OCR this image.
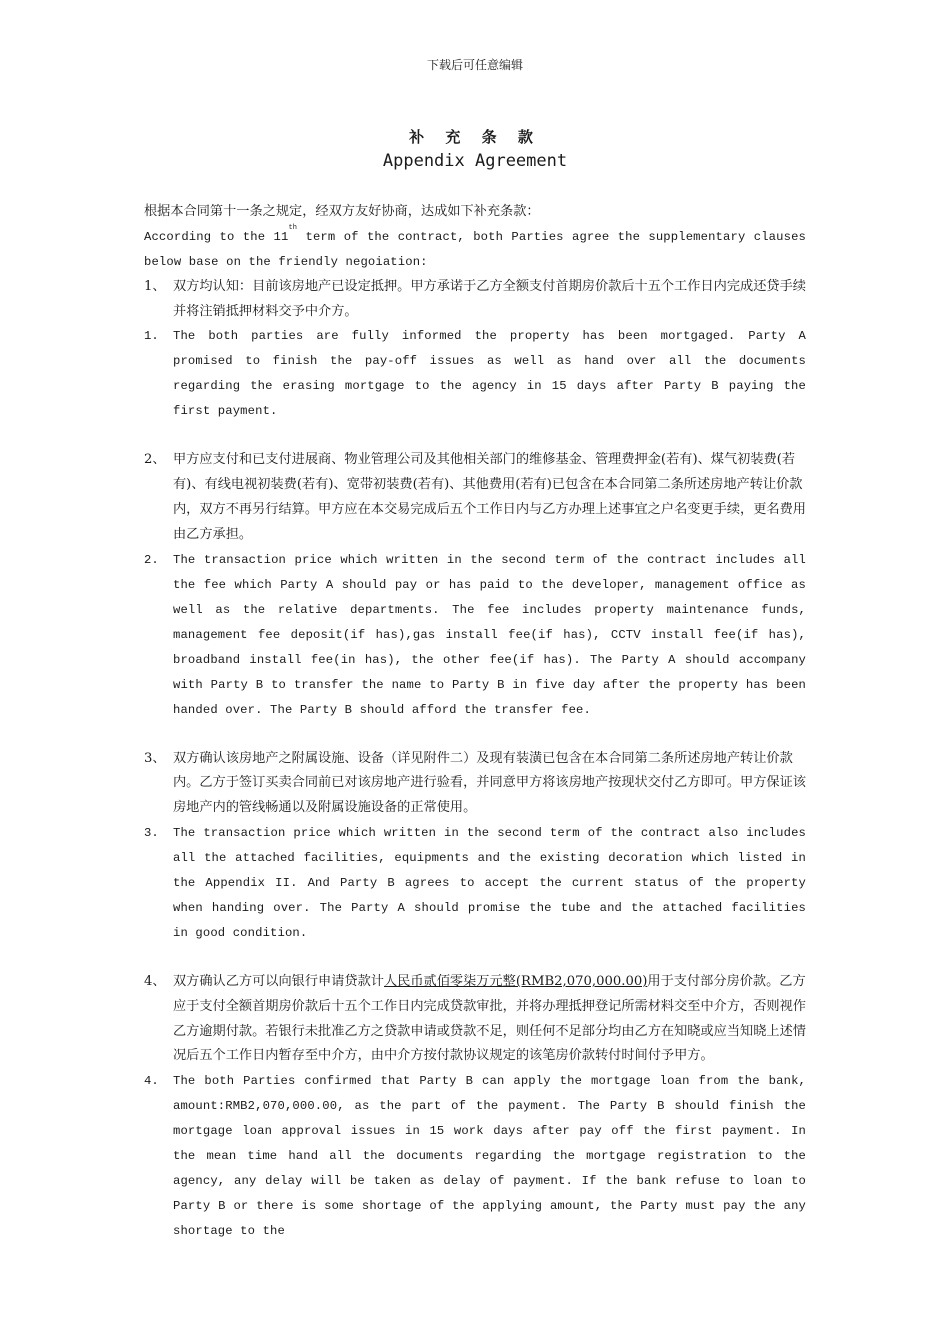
下载后可任意编辑
补 充 条 款
Appendix Agreement

根据本合同第十一条之规定，经双方友好协商，达成如下补充条款：

According to the 11th term of the contract, both Parties agree the supplementary clauses below base on the friendly negoiation:

1、 双方均认知：目前该房地产已设定抵押。甲方承诺于乙方全额支付首期房价款后十五个工作日内完成还贷手续并将注销抵押材料交予中介方。

1. The both parties are fully informed the property has been mortgaged. Party A promised to finish the pay-off issues as well as hand over all the documents regarding the erasing mortgage to the agency in 15 days after Party B paying the first payment.

2、 甲方应支付和已支付进展商、物业管理公司及其他相关部门的维修基金、管理费押金(若有)、煤气初装费(若有)、有线电视初装费(若有)、宽带初装费(若有)、其他费用(若有)已包含在本合同第二条所述房地产转让价款内，双方不再另行结算。甲方应在本交易完成后五个工作日内与乙方办理上述事宜之户名变更手续，更名费用由乙方承担。

2. The transaction price which written in the second term of the contract includes all the fee which Party A should pay or has paid to the developer, management office as well as the relative departments. The fee includes property maintenance funds, management fee deposit(if has),gas install fee(if has), CCTV install fee(if has), broadband install fee(in has), the other fee(if has). The Party A should accompany with Party B to transfer the name to Party B in five day after the property has been handed over. The Party B should afford the transfer fee.

3、 双方确认该房地产之附属设施、设备（详见附件二）及现有装潢已包含在本合同第二条所述房地产转让价款内。乙方于签订买卖合同前已对该房地产进行验看，并同意甲方将该房地产按现状交付乙方即可。甲方保证该房地产内的管线畅通以及附属设施设备的正常使用。

3. The transaction price which written in the second term of the contract also includes all the attached facilities, equipments and the existing decoration which listed in the Appendix II. And Party B agrees to accept the current status of the property when handing over. The Party A should promise the tube and the attached facilities in good condition.

4、 双方确认乙方可以向银行申请贷款计人民币贰佰零柒万元整(RMB2,070,000.00)用于支付部分房价款。乙方应于支付全额首期房价款后十五个工作日内完成贷款审批，并将办理抵押登记所需材料交至中介方，否则视作乙方逾期付款。若银行未批准乙方之贷款申请或贷款不足，则任何不足部分均由乙方在知晓或应当知晓上述情况后五个工作日内暂存至中介方，由中介方按付款协议规定的该笔房价款转付时间付予甲方。

4. The both Parties confirmed that Party B can apply the mortgage loan from the bank, amount:RMB2,070,000.00, as the part of the payment. The Party B should finish the mortgage loan approval issues in 15 work days after pay off the first payment. In the mean time hand all the documents regarding the mortgage registration to the agency, any delay will be taken as delay of payment. If the bank refuse to loan to Party B or there is some shortage of the applying amount, the Party must pay the any shortage to the
